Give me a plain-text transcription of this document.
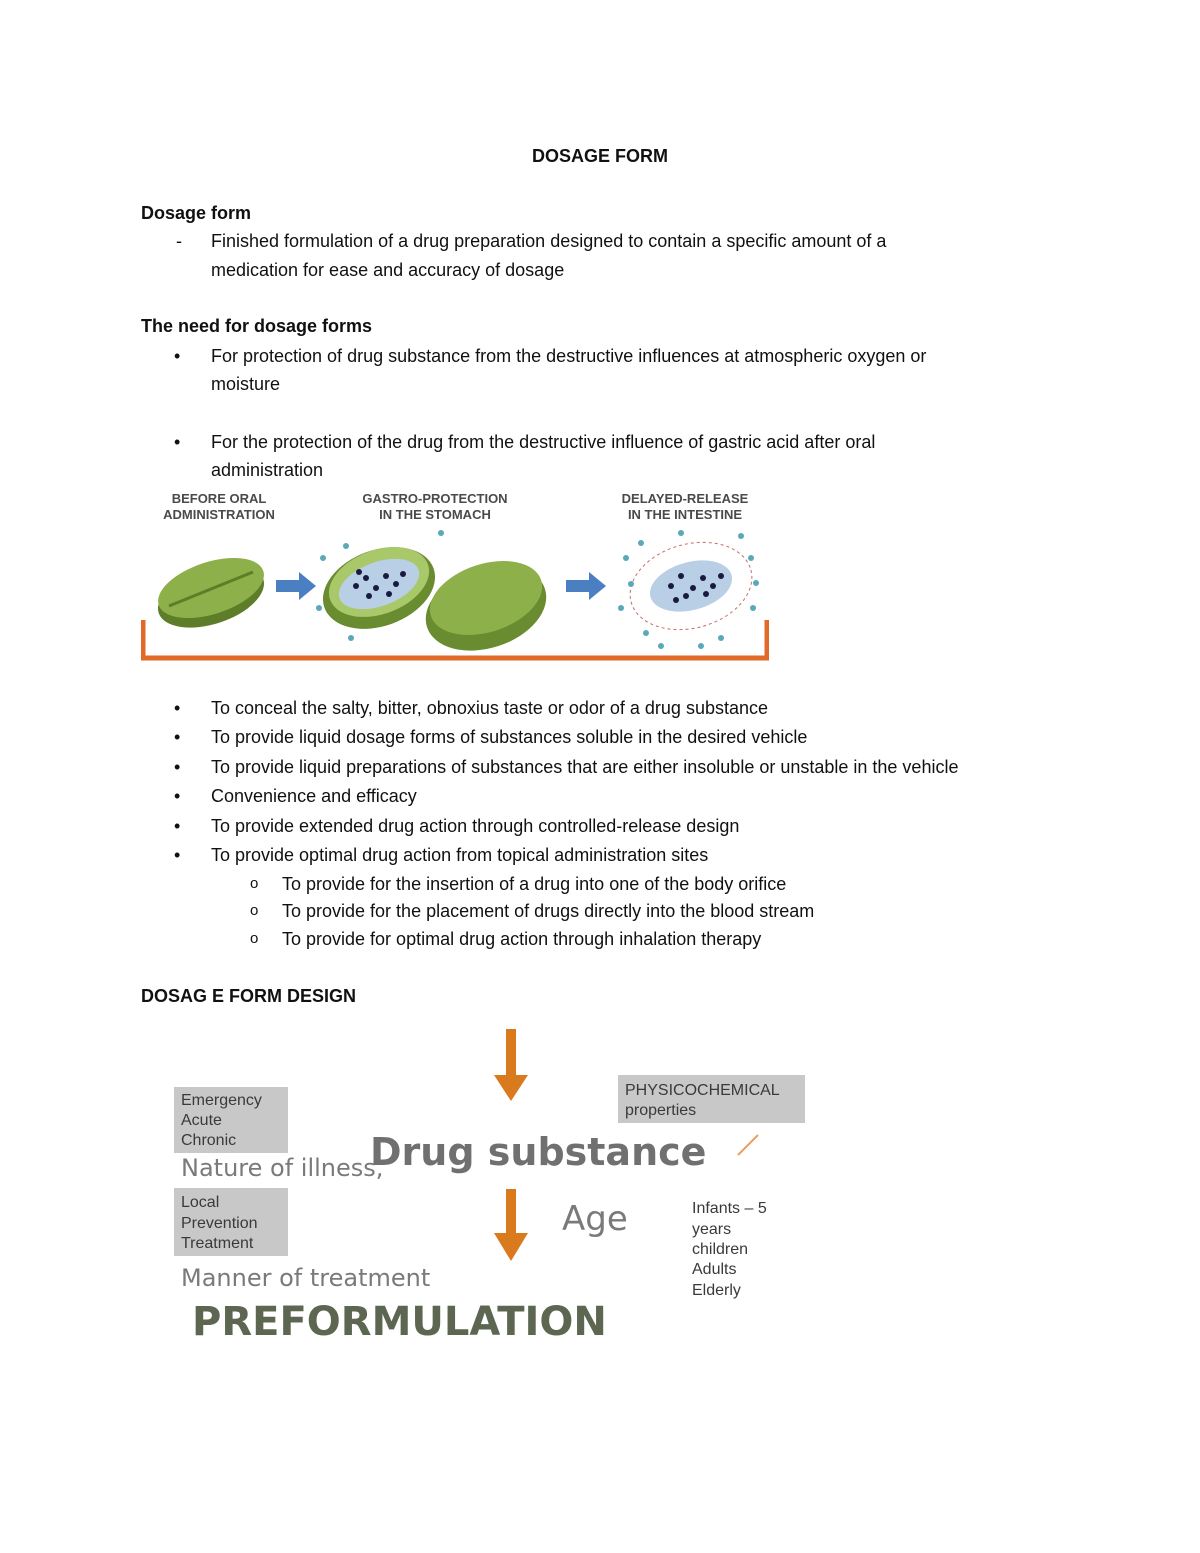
DOSAGE FORM
Dosage form
- Finished formulation of a drug preparation designed to contain a specific amount of a
medication for ease and accuracy of dosage
The need for dosage forms
• For protection of drug substance from the destructive influences at atmospheric oxygen or
moisture
• For the protection of the drug from the destructive influence of gastric acid after oral
administration
BEFORE ORAL
ADMINISTRATION
GASTRO-PROTECTION
IN THE STOMACH
DELAYED-RELEASE
IN THE INTESTINE
• To conceal the salty, bitter, obnoxius taste or odor of a drug substance
• To provide liquid dosage forms of substances soluble in the desired vehicle
• To provide liquid preparations of substances that are either insoluble or unstable in the vehicle
• Convenience and efficacy
• To provide extended drug action through controlled-release design
• To provide optimal drug action from topical administration sites
o To provide for the insertion of a drug into one of the body orifice
o To provide for the placement of drugs directly into the blood stream
o To provide for optimal drug action through inhalation therapy
DOSAG E FORM DESIGN
Emergency
Acute
Chronic
Nature of illness,
Local
Prevention
Treatment
Manner of treatment
PHYSICOCHEMICAL
properties
Drug substance
Age	Infants – 5
years
children
Adults
Elderly
PREFORMULATION
